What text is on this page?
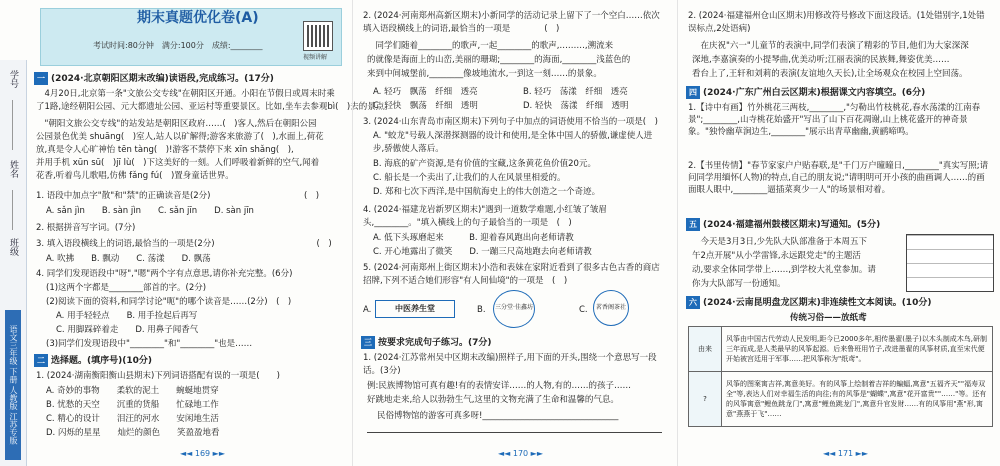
学号
姓名
班级
语文三年级 下册 人教版 江苏专版
期末真题优化卷(A)
考试时间:80分钟　满分:100分　成绩:________
视频讲解
一 (2024·北京朝阳区期末改编)读语段,完成练习。(17分)
　4月20日,北京第一条"文旅公交专线"在朝阳区开通。小阳在节假日或周末时乘
了1路,途经朝阳公园、元大都遗址公园、亚运村等重要景区。比如,坐车去参观bì(　)去的景点。
　"朝阳文旅公交专线"的站发站是朝阳区政府……(　)客人,然后在朝阳公园
公园景色优美 shuāng(　)室人,站人以矿解得;游客来旅游了(　),水面上,荷花
放,真是令人心旷神怡 tēn tàng(　)!游客不禁停下来 xīn shǎng(　),
并用手机 xūn sū(　)jī lù(　)下这美好的一刻。人们呼吸着新鲜的空气,闻着
花香,听着鸟儿歌唱,仿佛 fǎng fú(　)置身童话世界。
1. 语段中加点字"散"和"禁"的正确读音是(2分)　　　　　　　　　　　(　)
A. sǎn jìn　　B. sàn jìn　　C. sǎn jīn　　D. sàn jīn
2. 根据拼音写字词。(7分)
3. 填入语段横线上的词语,最恰当的一项是(2分)　　　　　　　　　　　　(　)
A. 吹拂　　B. 飘动　　C. 荡漾　　D. 飘荡
4. 同学们发现语段中"呀","嗯"两个字有点意思,请你补充完整。(6分)
(1)这两个字都是________部首的字。(2分)
(2)阅读下面的资料,和同学讨论"呃"的哪个读音是……(2分)　(　)
A. 用手轻轻点　　B. 用手捡起后再写
C. 用脚踩碎着走　　D. 用鼻子闻香气
(3)同学们发现语段中"________"和"________"也是……
二 选择题。(填序号)(10分)
1. (2024·湖南衡阳衡山县期末)下列词语搭配有误的一项是(　　)
A. 奇妙的事物　　柔软的泥土　　蜿蜒地贯穿
B. 忧愁的天空　　沉重的货船　　忙碌地工作
C. 精心的设计　　泪汪的河水　　安闲地生活
D. 闪烁的星星　　灿烂的颜色　　笑盈盈地看
◄◄ 169 ►►
2. (2024·河南郑州高新区期末)小新同学的活动记录上留下了一个空白……依次填入语段横线上的词语,最恰当的一项是　　　　(　)
　同学们随着________的歌声,一起________的歌声,………,溯流来
的就像是海面上的山峦,美丽的珊瑚;________的海面,________浅蓝色的
来到中间城堡前,________像坡地流水,一到这一刻……的景象。
A. 轻巧　飘荡　纤细　透亮	B. 轻巧　荡漾　纤细　透亮
C. 轻快　飘荡　纤细　透明	D. 轻快　荡漾　纤细　透明
3. (2024·山东青岛市南区期末)下列句子中加点的词语使用不恰当的一项是(　)
A. "蛟龙"号载人深潜探测器的设计和使用,是全体中国人的骄傲,谦虚使人进步,骄傲使人落后。
B. 海底的矿产资源,是有价值的宝藏,这条黄花鱼价值20元。
C. 船长是一个卖出了,让我们的人在风景里相爱的。
D. 郑和七次下西洋,是中国航海史上的伟大创造之一个奇迹。
4. (2024·福建龙岩新罗区期末)"遇到一道数学难题,小红皱了皱眉头,________。"填入横线上的句子最恰当的一项是　(　)
A. 低下头琢磨起来　　　B. 迎着春风跑出向老师请教
C. 开心地露出了微笑　　D. 一蹦三尺高地跑去向老师请教
5. (2024·河南郑州上街区期末)小浩和表妹在家附近看到了很多古色古香的商店招牌,下列不适合她们形容"有人间仙境"的一项是　(　)
中医养生堂	三分堂·佳鑫坊	茗香阁茶社
A.	B.	C.
三 按要求完成句子练习。(7分)
1. (2024·江苏常州吴中区期末改编)照样子,用下面的开头,围绕一个意思写一段话。(3分)
例:民族博物馆可真有趣!有的表情安详……的人物,有的……的孩子……
好跳地走来,给人以勃勃生气,这里的文物充满了生命和温馨的气息。
民俗博物馆的游客可真多呀!________________________________
◄◄ 170 ►►
2. (2024·福建福州仓山区期末)用修改符号修改下面这段话。(1处错别字,1处错误标点,2处语病)
　在庆祝"六一"儿童节的表演中,同学们表演了精彩的节目,他们为大家深深
深地,李嘉演奏的小提琴曲,优美动听;江丽表演的民族舞,舞姿优美……
看台上了,王轩和刘莉的表演(友谊地久天长),让全场观众在校园上空回荡。
四 (2024·广东广州白云区期末)根据课文内容填空。(6分)
1.【诗中有画】竹外桃花三两枝,________,"匀勒出竹枝桃花,春水荡漾的江南春景";________,山寺桃花始盛开"写出了山下百花凋谢,山上桃花盛开的神奇景象。"独怜幽草涧边生,________"展示出青草幽幽,黄鹂啼鸣。
2.【书里传情】"春节家家户户贴春联,是"千门万户曈曈日,________"真实写照;请问同学用缅怀(人物)的特点,自己的朋友说;"请明明可开小孩的曲画调人……的画面眼人眼中,________逼插菜爽少一人"的场景相对着。
五 (2024·福建福州鼓楼区期末)写通知。(5分)
　今天是3月3日,少先队大队部准备于本周五下
午2点开展"从小学雷锋,永远跟党走"的主题活
动,要求全体同学带上……,到学校大礼堂参加。请
你为大队部写一份通知。
六 (2024·云南昆明盘龙区期末)非连续性文本阅读。(10分)
传统习俗——放纸鸢
由来	风筝由中国古代劳动人民发明,距今已2000多年,相传墨翟(墨子)以木头制成木鸟,研制三年而成,是人类最早的风筝起源。后来鲁班用竹子,改进墨翟的风筝材质,直至宋代便开始被宫廷用于军事……把风筝称为"纸鸢"。
?	风筝的图案寓吉祥,寓意美好。有的风筝上绘制着吉祥的蝙蝠,寓意"五福齐天""福寿双全"等,表达人们对幸福生活的向往;有的风筝是"蝴蝶",寓意"花开富贵""……"等。还有的风筝寓意"鲤鱼跳龙门",寓意"鲤鱼跳龙门",寓意升官发财……有的风筝用"燕"形,寓意"燕燕于飞"……
◄◄ 171 ►►
